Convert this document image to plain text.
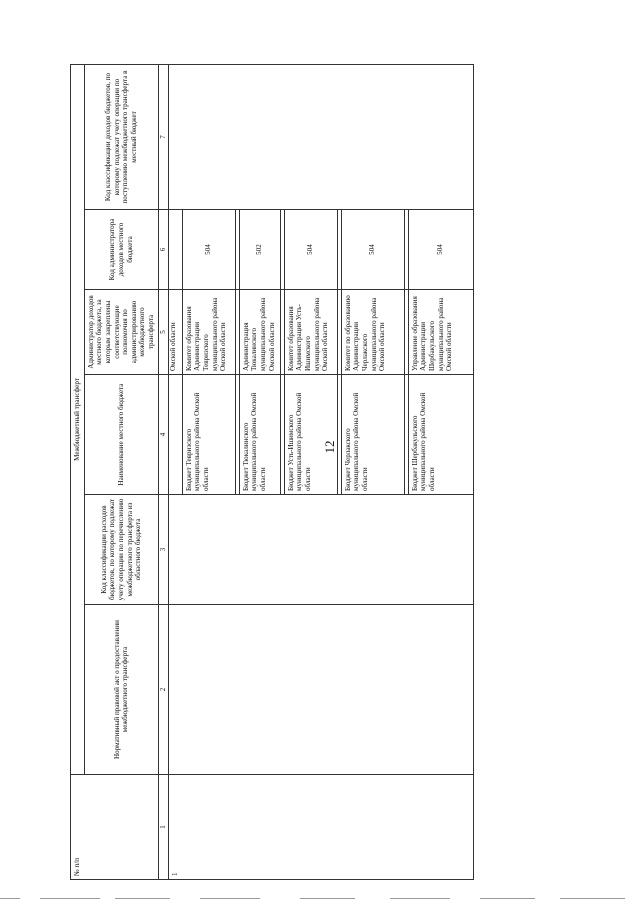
12
№ п/п	Межбюджетный трансферт					
	Нормативный правовой акт о предоставлении межбюджетного трансферта	Код классификации расходов бюджетов, по которому подлежат учету операции по перечислению межбюджетного трансферта из областного бюджета	Наименование местного бюджета	Администратор доходов местного бюджета, за которым закреплены соответствующие полномочия по администрированию межбюджетного трансферта	Код администратора доходов местного бюджета	Код классификации доходов бюджетов, по которому подлежат учету операции по поступлению межбюджетного трансферта в местный бюджет
1	2	3	4	5	6	7
1				Омской области		

			Бюджет Тевризского муниципального района Омской области	Комитет образования Администрации Тевризского муниципального района Омской области	504	

			Бюджет Тюкалинского муниципального района Омской области	Администрация Тюкалинского муниципального района Омской области	502	

			Бюджет Усть-Ишимского муниципального района Омской области	Комитет образования Администрации Усть-Ишимского муниципального района Омской области	504	

			Бюджет Черлакского муниципального района Омской области	Комитет по образованию Администрации Черлакского муниципального района Омской области	504	

			Бюджет Шербакульского муниципального района Омской области	Управление образования Администрации Шербакульского муниципального района Омской области	504	
